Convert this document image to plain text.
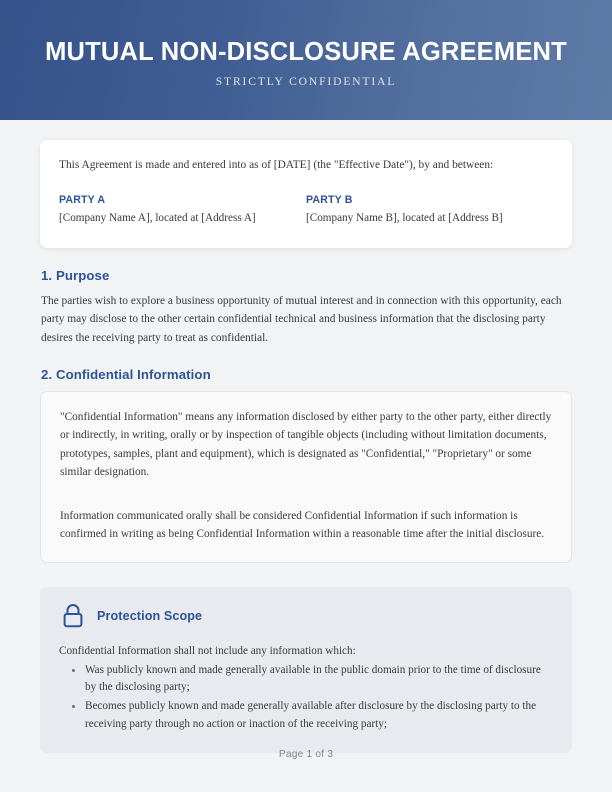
MUTUAL NON-DISCLOSURE AGREEMENT
STRICTLY CONFIDENTIAL

This Agreement is made and entered into as of [DATE] (the "Effective Date"), by and between:

PARTY A
[Company Name A], located at [Address A]
PARTY B
[Company Name B], located at [Address B]
1. Purpose

The parties wish to explore a business opportunity of mutual interest and in connection with this opportunity, each party may disclose to the other certain confidential technical and business information that the disclosing party desires the receiving party to treat as confidential.

2. Confidential Information

"Confidential Information" means any information disclosed by either party to the other party, either directly or indirectly, in writing, orally or by inspection of tangible objects (including without limitation documents, prototypes, samples, plant and equipment), which is designated as "Confidential," "Proprietary" or some similar designation.

Information communicated orally shall be considered Confidential Information if such information is confirmed in writing as being Confidential Information within a reasonable time after the initial disclosure.

Protection Scope

Confidential Information shall not include any information which:

Was publicly known and made generally available in the public domain prior to the time of disclosure by the disclosing party;
Becomes publicly known and made generally available after disclosure by the disclosing party to the receiving party through no action or inaction of the receiving party;
Page 1 of 3
